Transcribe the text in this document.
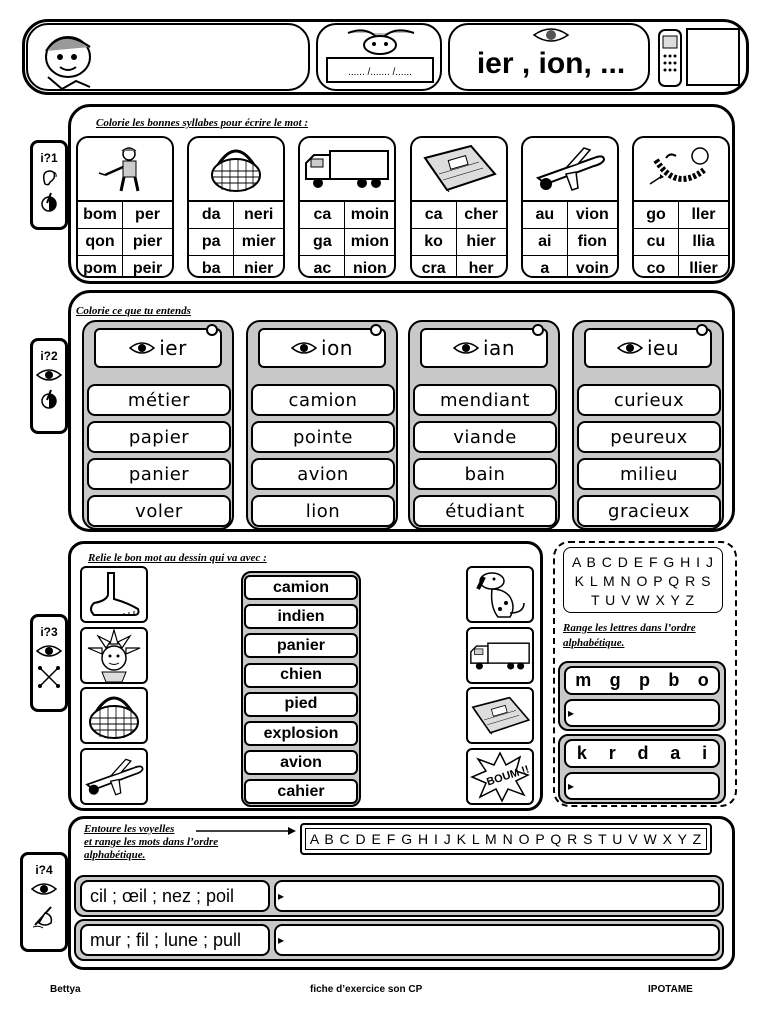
...... /....... /......	ier , ion, ...
Colorie les bonnes syllabes pour écrire le mot :
i?1
bom	per
qon	pier
pom peir
da	neri
pa	mier
ba	nier
ca	moin
ga	mion
ac	nion
ca	cher
ko	hier
cra	her
au	vion
ai	fion
a	voin
go	ller
cu	llia
co	llier
Colorie ce que tu entends
i?2	ier
métier
papier
panier
voler
ion
camion
pointe
avion
lion
ian
mendiant
viande
bain
étudiant
ieu
curieux
peureux
milieu
gracieux
Relie le bon mot au dessin qui va avec :
i?3
camion
indien
panier
chien
pied
explosion
avion
cahier
BOUM !!
A B C D E F G H I J
K L M N O P Q R S
T U V W X Y Z
Range les lettres dans l’ordre alphabétique.
m g p b o
▸
k r d a i
▸
Entoure les voyelles
et range les mots dans l’ordre
alphabétique.
A B C D E F G H I J K L M N O P Q R S T U V W X Y Z
i?4
cil ; œil ; nez ; poil	▸
mur ; fil ; lune ; pull	▸
Bettya	fiche d’exercice son CP	IPOTAME
